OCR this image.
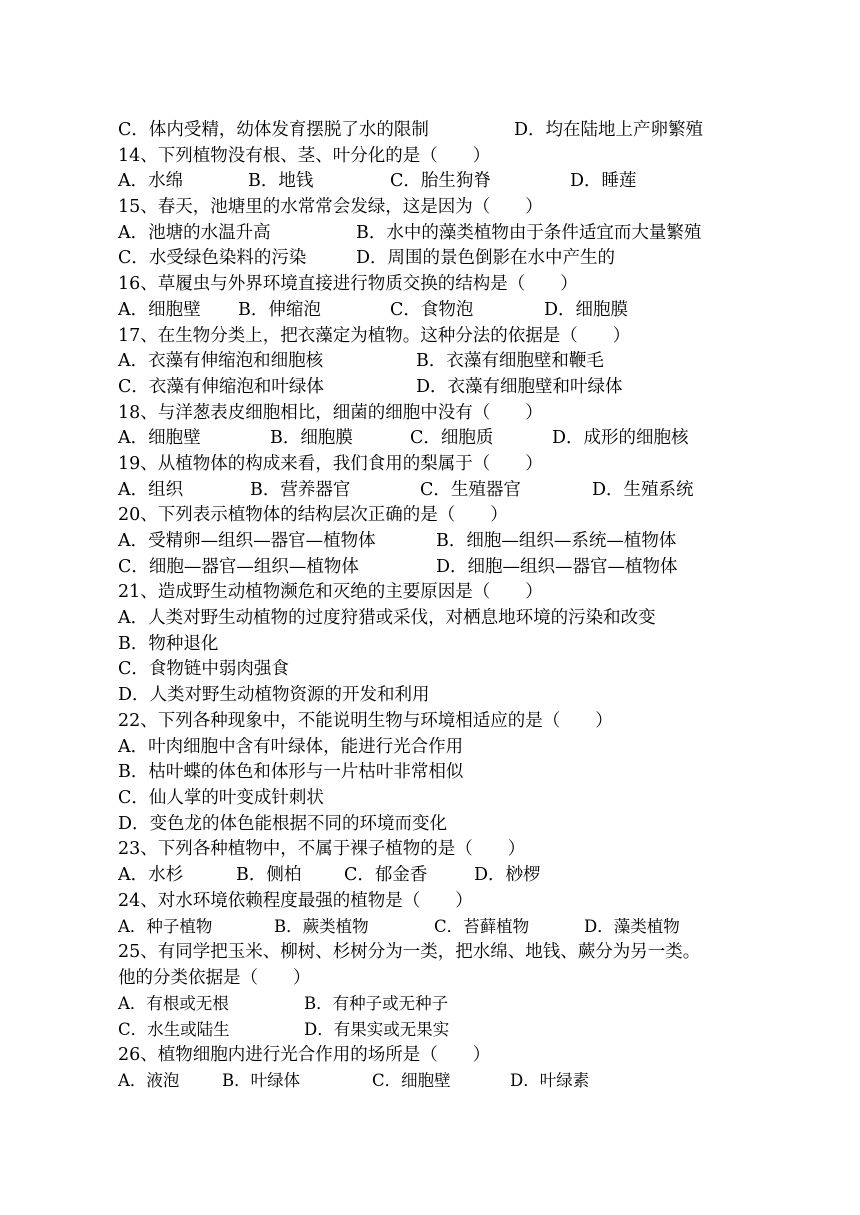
C．体内受精，幼体发育摆脱了水的限制	D．均在陆地上产卵繁殖
14、下列植物没有根、茎、叶分化的是（　　）
A．水绵	B．地钱	C．胎生狗脊	D．睡莲
15、春天，池塘里的水常常会发绿，这是因为（　　）
A．池塘的水温升高	B．水中的藻类植物由于条件适宜而大量繁殖
C．水受绿色染料的污染	D．周围的景色倒影在水中产生的
16、草履虫与外界环境直接进行物质交换的结构是（　　）
A．细胞壁 B．伸缩泡	C．食物泡	D．细胞膜
17、在生物分类上，把衣藻定为植物。这种分法的依据是（　　）
A．衣藻有伸缩泡和细胞核	B．衣藻有细胞壁和鞭毛
C．衣藻有伸缩泡和叶绿体	D．衣藻有细胞壁和叶绿体
18、与洋葱表皮细胞相比，细菌的细胞中没有（　　）
A．细胞壁	B．细胞膜	C．细胞质	D．成形的细胞核
19、从植物体的构成来看，我们食用的梨属于（　　）
A．组织	B．营养器官	C．生殖器官	D．生殖系统
20、下列表示植物体的结构层次正确的是（　　）
A．受精卵—组织—器官—植物体	B．细胞—组织—系统—植物体
C．细胞—器官—组织—植物体	D．细胞—组织—器官—植物体
21、造成野生动植物濒危和灭绝的主要原因是（　　）
A．人类对野生动植物的过度狩猎或采伐，对栖息地环境的污染和改变
B．物种退化
C．食物链中弱肉强食
D．人类对野生动植物资源的开发和利用
22、下列各种现象中，不能说明生物与环境相适应的是（　　）
A．叶肉细胞中含有叶绿体，能进行光合作用
B．枯叶蝶的体色和体形与一片枯叶非常相似
C．仙人掌的叶变成针刺状
D．变色龙的体色能根据不同的环境而变化
23、下列各种植物中，不属于裸子植物的是（　　）
A．水杉	B．侧柏 C．郁金香	D．桫椤
24、对水环境依赖程度最强的植物是（　　）
A．种子植物	B．蕨类植物	C．苔藓植物	D．藻类植物
25、有同学把玉米、柳树、杉树分为一类，把水绵、地钱、蕨分为另一类。
他的分类依据是（　　）
A．有根或无根	B．有种子或无种子
C．水生或陆生	D．有果实或无果实
26、植物细胞内进行光合作用的场所是（　　）
A．液泡	B．叶绿体	C．细胞壁	D．叶绿素
